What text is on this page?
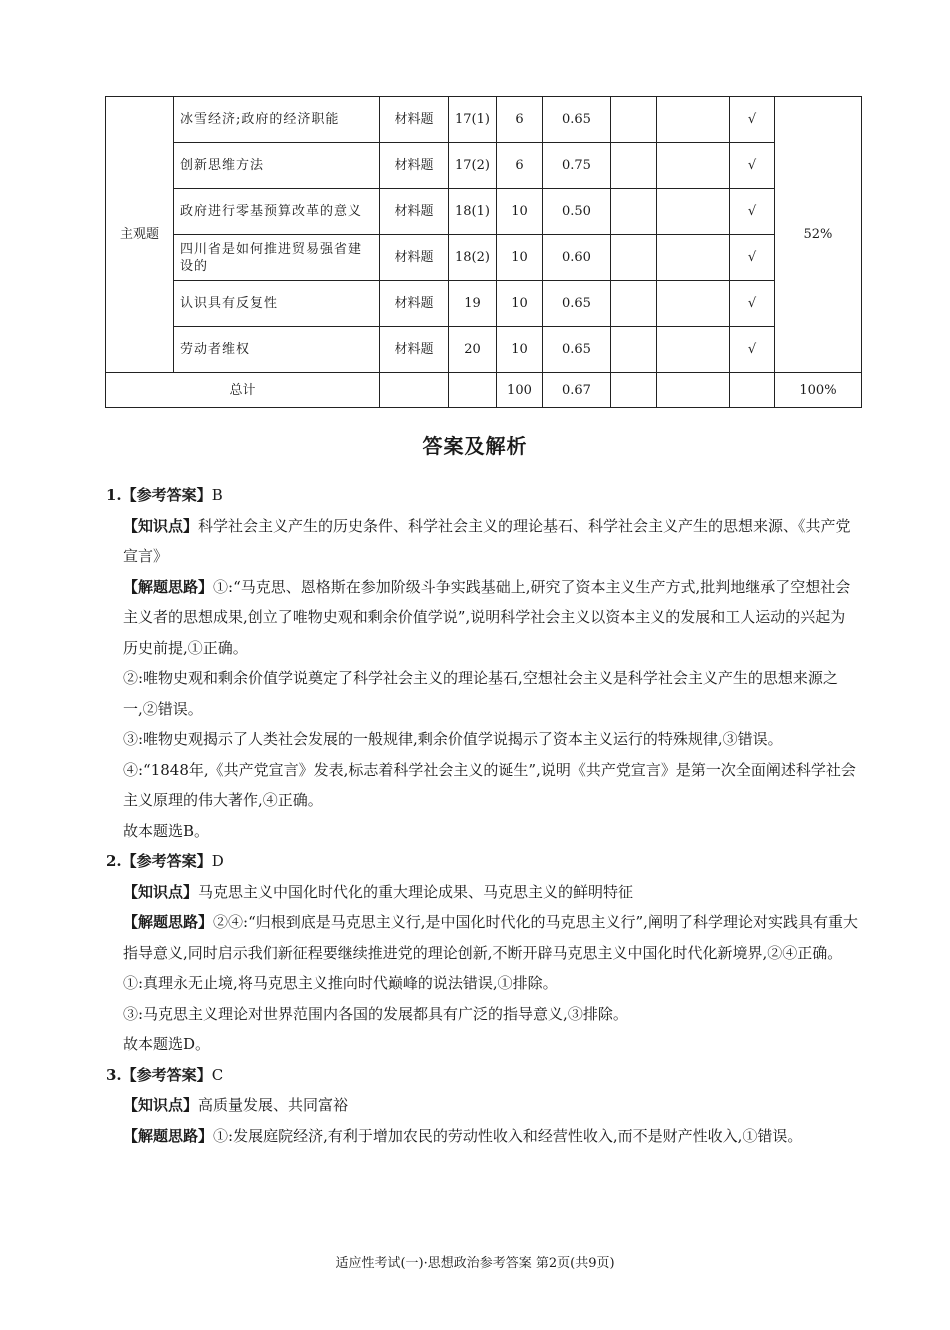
主观题	冰雪经济;政府的经济职能	材料题	17(1)	6	0.65			√	52%
	创新思维方法	材料题	17(2)	6	0.75			√	
	政府进行零基预算改革的意义	材料题	18(1)	10	0.50			√	
	四川省是如何推进贸易强省建设的	材料题	18(2)	10	0.60			√	
	认识具有反复性	材料题	19	10	0.65			√	
	劳动者维权	材料题	20	10	0.65			√	
总计				100	0.67				100%
答案及解析

1.【参考答案】B

【知识点】科学社会主义产生的历史条件、科学社会主义的理论基石、科学社会主义产生的思想来源、《共产党宣言》

【解题思路】①:“马克思、恩格斯在参加阶级斗争实践基础上,研究了资本主义生产方式,批判地继承了空想社会主义者的思想成果,创立了唯物史观和剩余价值学说”,说明科学社会主义以资本主义的发展和工人运动的兴起为历史前提,①正确。

②:唯物史观和剩余价值学说奠定了科学社会主义的理论基石,空想社会主义是科学社会主义产生的思想来源之一,②错误。

③:唯物史观揭示了人类社会发展的一般规律,剩余价值学说揭示了资本主义运行的特殊规律,③错误。

④:“1848年,《共产党宣言》发表,标志着科学社会主义的诞生”,说明《共产党宣言》是第一次全面阐述科学社会主义原理的伟大著作,④正确。

故本题选B。

2.【参考答案】D

【知识点】马克思主义中国化时代化的重大理论成果、马克思主义的鲜明特征

【解题思路】②④:“归根到底是马克思主义行,是中国化时代化的马克思主义行”,阐明了科学理论对实践具有重大指导意义,同时启示我们新征程要继续推进党的理论创新,不断开辟马克思主义中国化时代化新境界,②④正确。

①:真理永无止境,将马克思主义推向时代巅峰的说法错误,①排除。

③:马克思主义理论对世界范围内各国的发展都具有广泛的指导意义,③排除。

故本题选D。

3.【参考答案】C

【知识点】高质量发展、共同富裕

【解题思路】①:发展庭院经济,有利于增加农民的劳动性收入和经营性收入,而不是财产性收入,①错误。

适应性考试(一)·思想政治参考答案 第2页(共9页)
